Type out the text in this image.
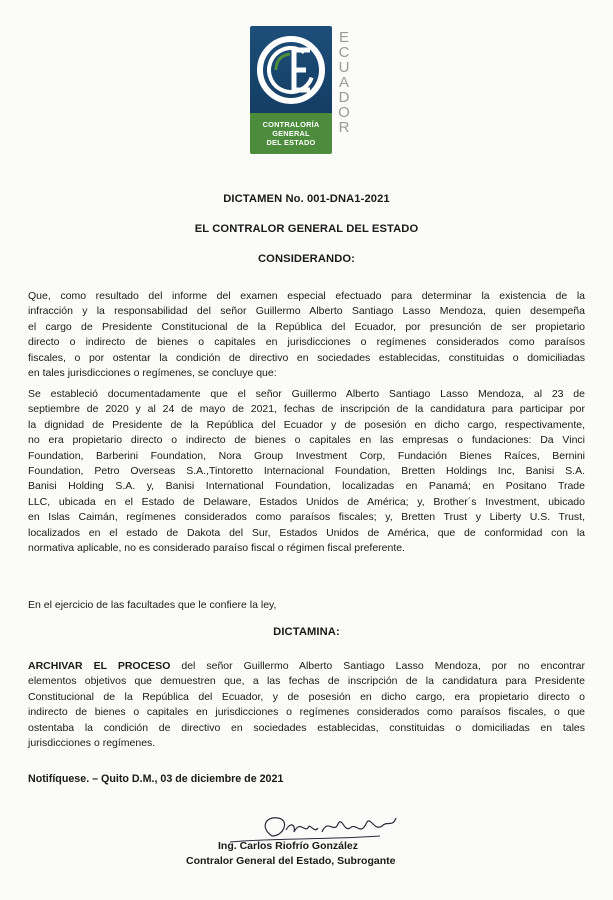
CONTRALORÍA
GENERAL
DEL ESTADO
E
C
U
A
D
O
R
DICTAMEN No. 001-DNA1-2021
EL CONTRALOR GENERAL DEL ESTADO
CONSIDERANDO:
Que, como resultado del informe del examen especial efectuado para determinar la existencia de la
infracción y la responsabilidad del señor Guillermo Alberto Santiago Lasso Mendoza, quien desempeña
el cargo de Presidente Constitucional de la República del Ecuador, por presunción de ser propietario
directo o indirecto de bienes o capitales en jurisdicciones o regímenes considerados como paraísos
fiscales, o por ostentar la condición de directivo en sociedades establecidas, constituidas o domiciliadas
en tales jurisdicciones o regímenes, se concluye que:
Se estableció documentadamente que el señor Guillermo Alberto Santiago Lasso Mendoza, al 23 de
septiembre de 2020 y al 24 de mayo de 2021, fechas de inscripción de la candidatura para participar por
la dignidad de Presidente de la República del Ecuador y de posesión en dicho cargo, respectivamente,
no era propietario directo o indirecto de bienes o capitales en las empresas o fundaciones: Da Vinci
Foundation, Barberini Foundation, Nora Group Investment Corp, Fundación Bienes Raíces, Bernini
Foundation, Petro Overseas S.A.,Tintoretto Internacional Foundation, Bretten Holdings Inc, Banisi S.A.
Banisi Holding S.A. y, Banisi International Foundation, localizadas en Panamá; en Positano Trade
LLC, ubicada en el Estado de Delaware, Estados Unidos de América; y, Brother´s Investment, ubicado
en Islas Caimán, regímenes considerados como paraísos fiscales; y, Bretten Trust y Liberty U.S. Trust,
localizados en el estado de Dakota del Sur, Estados Unidos de América, que de conformidad con la
normativa aplicable, no es considerado paraíso fiscal o régimen fiscal preferente.
En el ejercicio de las facultades que le confiere la ley,
DICTAMINA:
ARCHIVAR EL PROCESO del señor Guillermo Alberto Santiago Lasso Mendoza, por no encontrar
elementos objetivos que demuestren que, a las fechas de inscripción de la candidatura para Presidente
Constitucional de la República del Ecuador, y de posesión en dicho cargo, era propietario directo o
indirecto de bienes o capitales en jurisdicciones o regímenes considerados como paraísos fiscales, o que
ostentaba la condición de directivo en sociedades establecidas, constituidas o domiciliadas en tales
jurisdicciones o regímenes.
Notifíquese. – Quito D.M., 03 de diciembre de 2021
Ing. Carlos Riofrío González
Contralor General del Estado, Subrogante
